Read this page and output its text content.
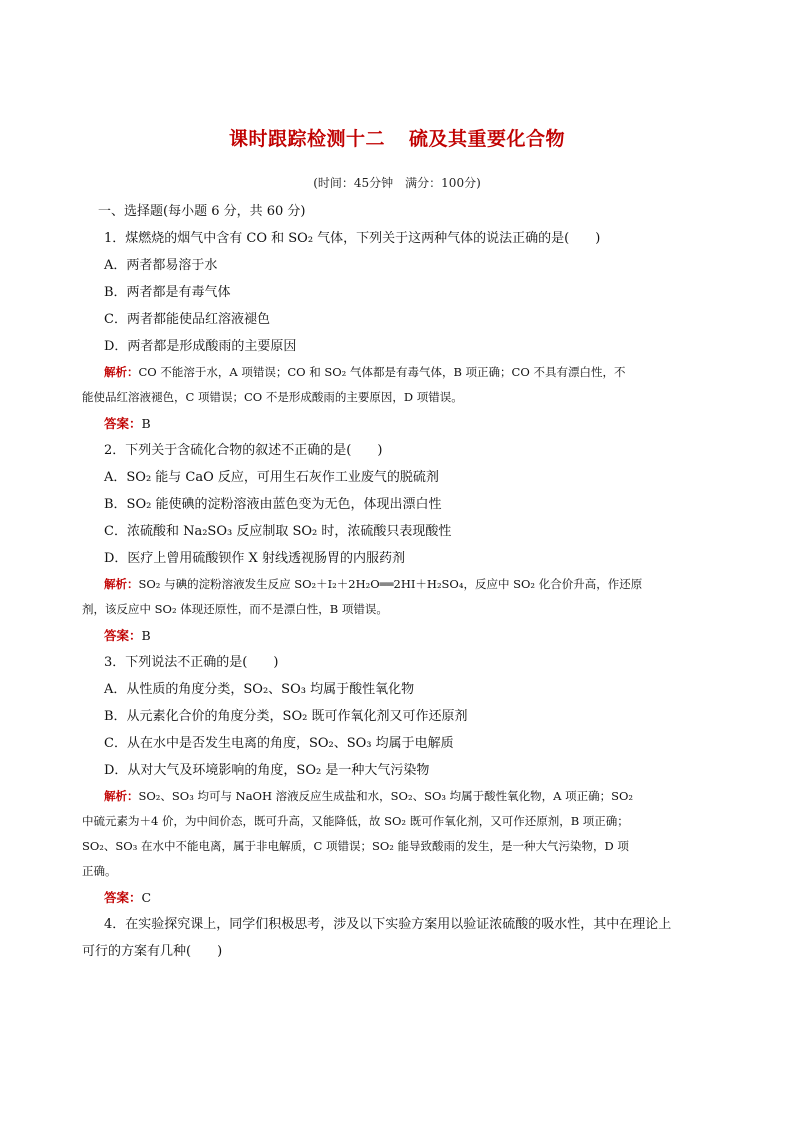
课时跟踪检测十二 硫及其重要化合物
(时间：45分钟　满分：100分)
一、选择题(每小题 6 分，共 60 分)
1．煤燃烧的烟气中含有 CO 和 SO₂ 气体，下列关于这两种气体的说法正确的是(　　)
A．两者都易溶于水
B．两者都是有毒气体
C．两者都能使品红溶液褪色
D．两者都是形成酸雨的主要原因
解析：CO 不能溶于水，A 项错误；CO 和 SO₂ 气体都是有毒气体，B 项正确；CO 不具有漂白性，不
能使品红溶液褪色，C 项错误；CO 不是形成酸雨的主要原因，D 项错误。
答案：B
2．下列关于含硫化合物的叙述不正确的是(　　)
A．SO₂ 能与 CaO 反应，可用生石灰作工业废气的脱硫剂
B．SO₂ 能使碘的淀粉溶液由蓝色变为无色，体现出漂白性
C．浓硫酸和 Na₂SO₃ 反应制取 SO₂ 时，浓硫酸只表现酸性
D．医疗上曾用硫酸钡作 X 射线透视肠胃的内服药剂
解析：SO₂ 与碘的淀粉溶液发生反应 SO₂＋I₂＋2H₂O══2HI＋H₂SO₄，反应中 SO₂ 化合价升高，作还原
剂，该反应中 SO₂ 体现还原性，而不是漂白性，B 项错误。
答案：B
3．下列说法不正确的是(　　)
A．从性质的角度分类，SO₂、SO₃ 均属于酸性氧化物
B．从元素化合价的角度分类，SO₂ 既可作氧化剂又可作还原剂
C．从在水中是否发生电离的角度，SO₂、SO₃ 均属于电解质
D．从对大气及环境影响的角度，SO₂ 是一种大气污染物
解析：SO₂、SO₃ 均可与 NaOH 溶液反应生成盐和水，SO₂、SO₃ 均属于酸性氧化物，A 项正确；SO₂
中硫元素为＋4 价，为中间价态，既可升高，又能降低，故 SO₂ 既可作氧化剂，又可作还原剂，B 项正确；
SO₂、SO₃ 在水中不能电离，属于非电解质，C 项错误；SO₂ 能导致酸雨的发生，是一种大气污染物，D 项
正确。
答案：C
4．在实验探究课上，同学们积极思考，涉及以下实验方案用以验证浓硫酸的吸水性，其中在理论上
可行的方案有几种(　　)
